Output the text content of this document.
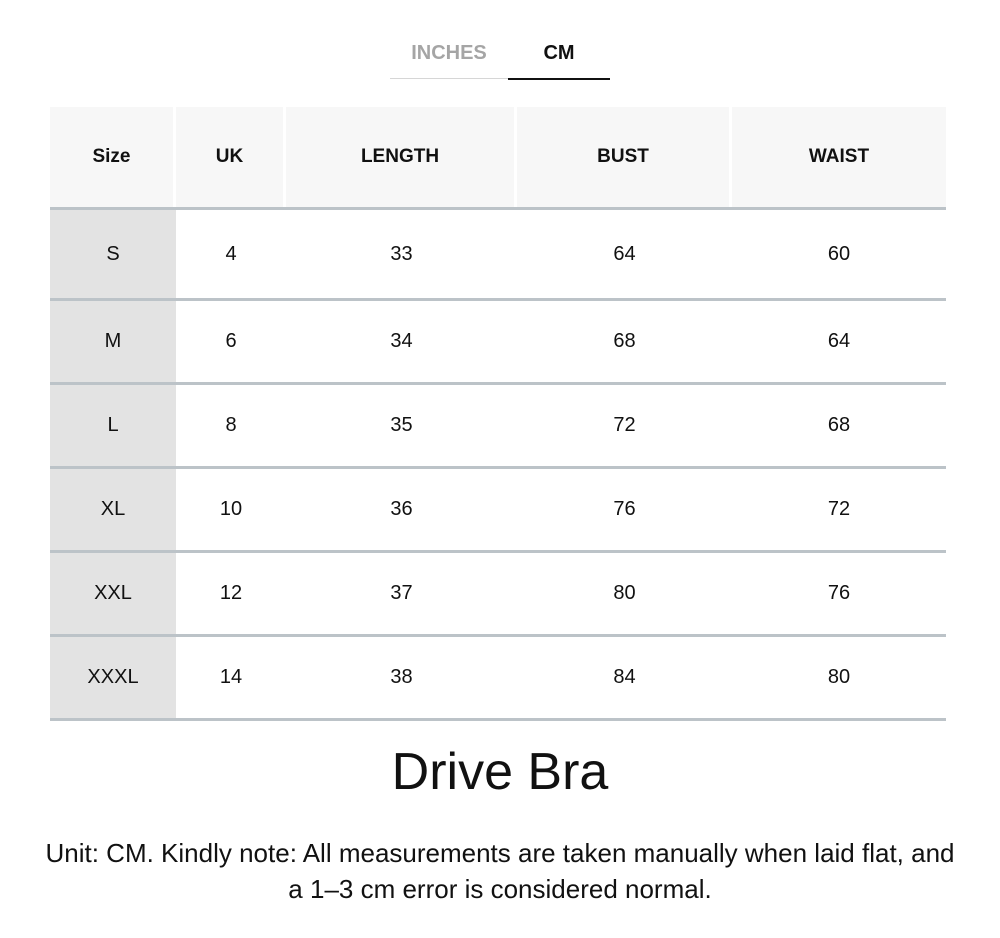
INCHES	CM
Size	UK	LENGTH	BUST	WAIST
S	4	33	64	60
M	6	34	68	64
L	8	35	72	68
XL	10	36	76	72
XXL	12	37	80	76
XXXL	14	38	84	80
Drive Bra
Unit: CM. Kindly note: All measurements are taken manually when laid flat, and a 1–3 cm error is considered normal.
